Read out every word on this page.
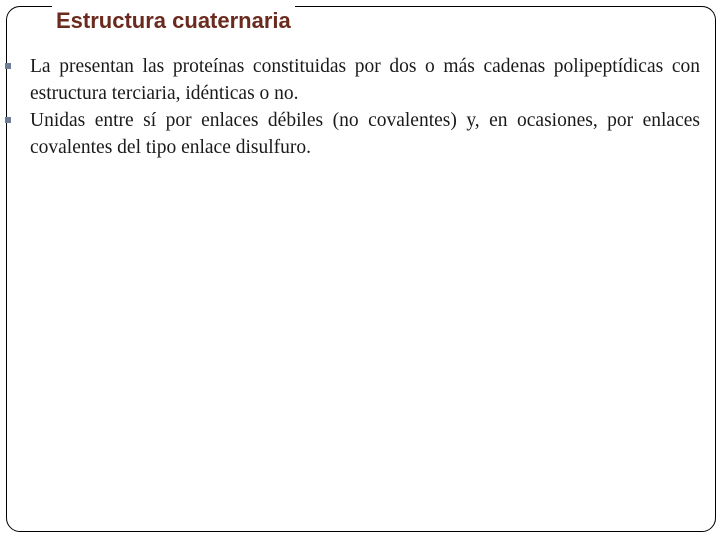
Estructura cuaternaria
La presentan las proteínas constituidas por dos o más cadenas polipeptídicas con estructura terciaria, idénticas o no.
Unidas entre sí por enlaces débiles (no covalentes) y, en ocasiones, por enlaces covalentes del tipo enlace disulfuro.
